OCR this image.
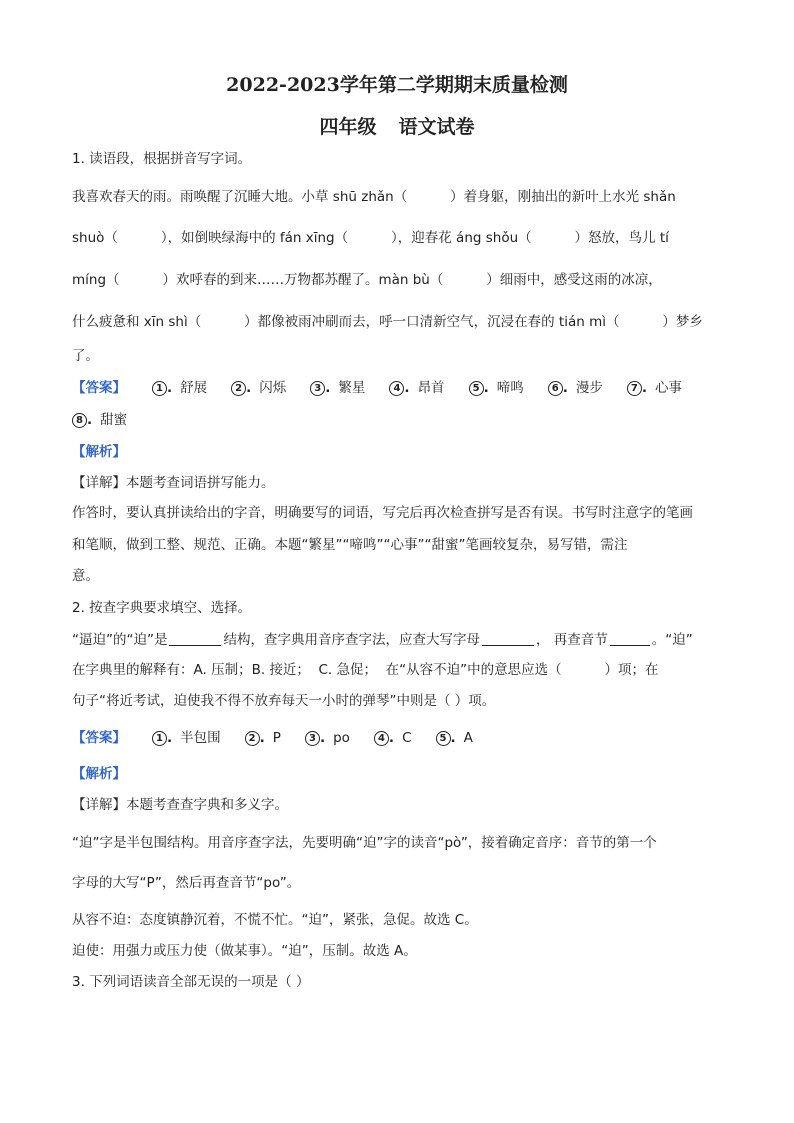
2022-2023学年第二学期期末质量检测
四年级 语文试卷
1. 读语段，根据拼音写字词。
我喜欢春天的雨。雨唤醒了沉睡大地。小草 shū zhǎn（          ）着身躯，刚抽出的新叶上水光 shǎn
shuò（          ），如倒映绿海中的 fán xīng（          ），迎春花 áng shǒu（          ）怒放，鸟儿 tí
míng（          ）欢呼春的到来……万物都苏醒了。màn bù（          ）细雨中，感受这雨的冰凉，
什么疲惫和 xīn shì（          ）都像被雨冲刷而去，呼一口清新空气，沉浸在春的 tián mì（          ）梦乡
了。
【答案】	1 . 舒展	2 . 闪烁	3 . 繁星	4 . 昂首	5 . 啼鸣	6 . 漫步	7 . 心事
8 . 甜蜜
【解析】
【详解】本题考查词语拼写能力。
作答时，要认真拼读给出的字音，明确要写的词语，写完后再次检查拼写是否有误。书写时注意字的笔画
和笔顺，做到工整、规范、正确。本题“繁星”“啼鸣”“心事”“甜蜜”笔画较复杂，易写错，需注
意。
2. 按查字典要求填空、选择。
“逼迫”的“迫”是	结构，查字典用音序查字法，应查大写字母	， 再查音节	。“迫”
在字典里的解释有：A. 压制；B. 接近；  C. 急促；  在“从容不迫”中的意思应选（          ）项；在
句子“将近考试，迫使我不得不放弃每天一小时的弹琴”中则是（ ）项。
【答案】	1 . 半包围	2 . P	3 . po	4 . C	5 . A
【解析】
【详解】本题考查查字典和多义字。
“迫”字是半包围结构。用音序查字法，先要明确“迫”字的读音“pò”，接着确定音序：音节的第一个
字母的大写“P”，然后再查音节“po”。
从容不迫：态度镇静沉着，不慌不忙。“迫”，紧张，急促。故选 C。
迫使：用强力或压力使（做某事）。“迫”，压制。故选 A。
3. 下列词语读音全部无误的一项是（ ）
